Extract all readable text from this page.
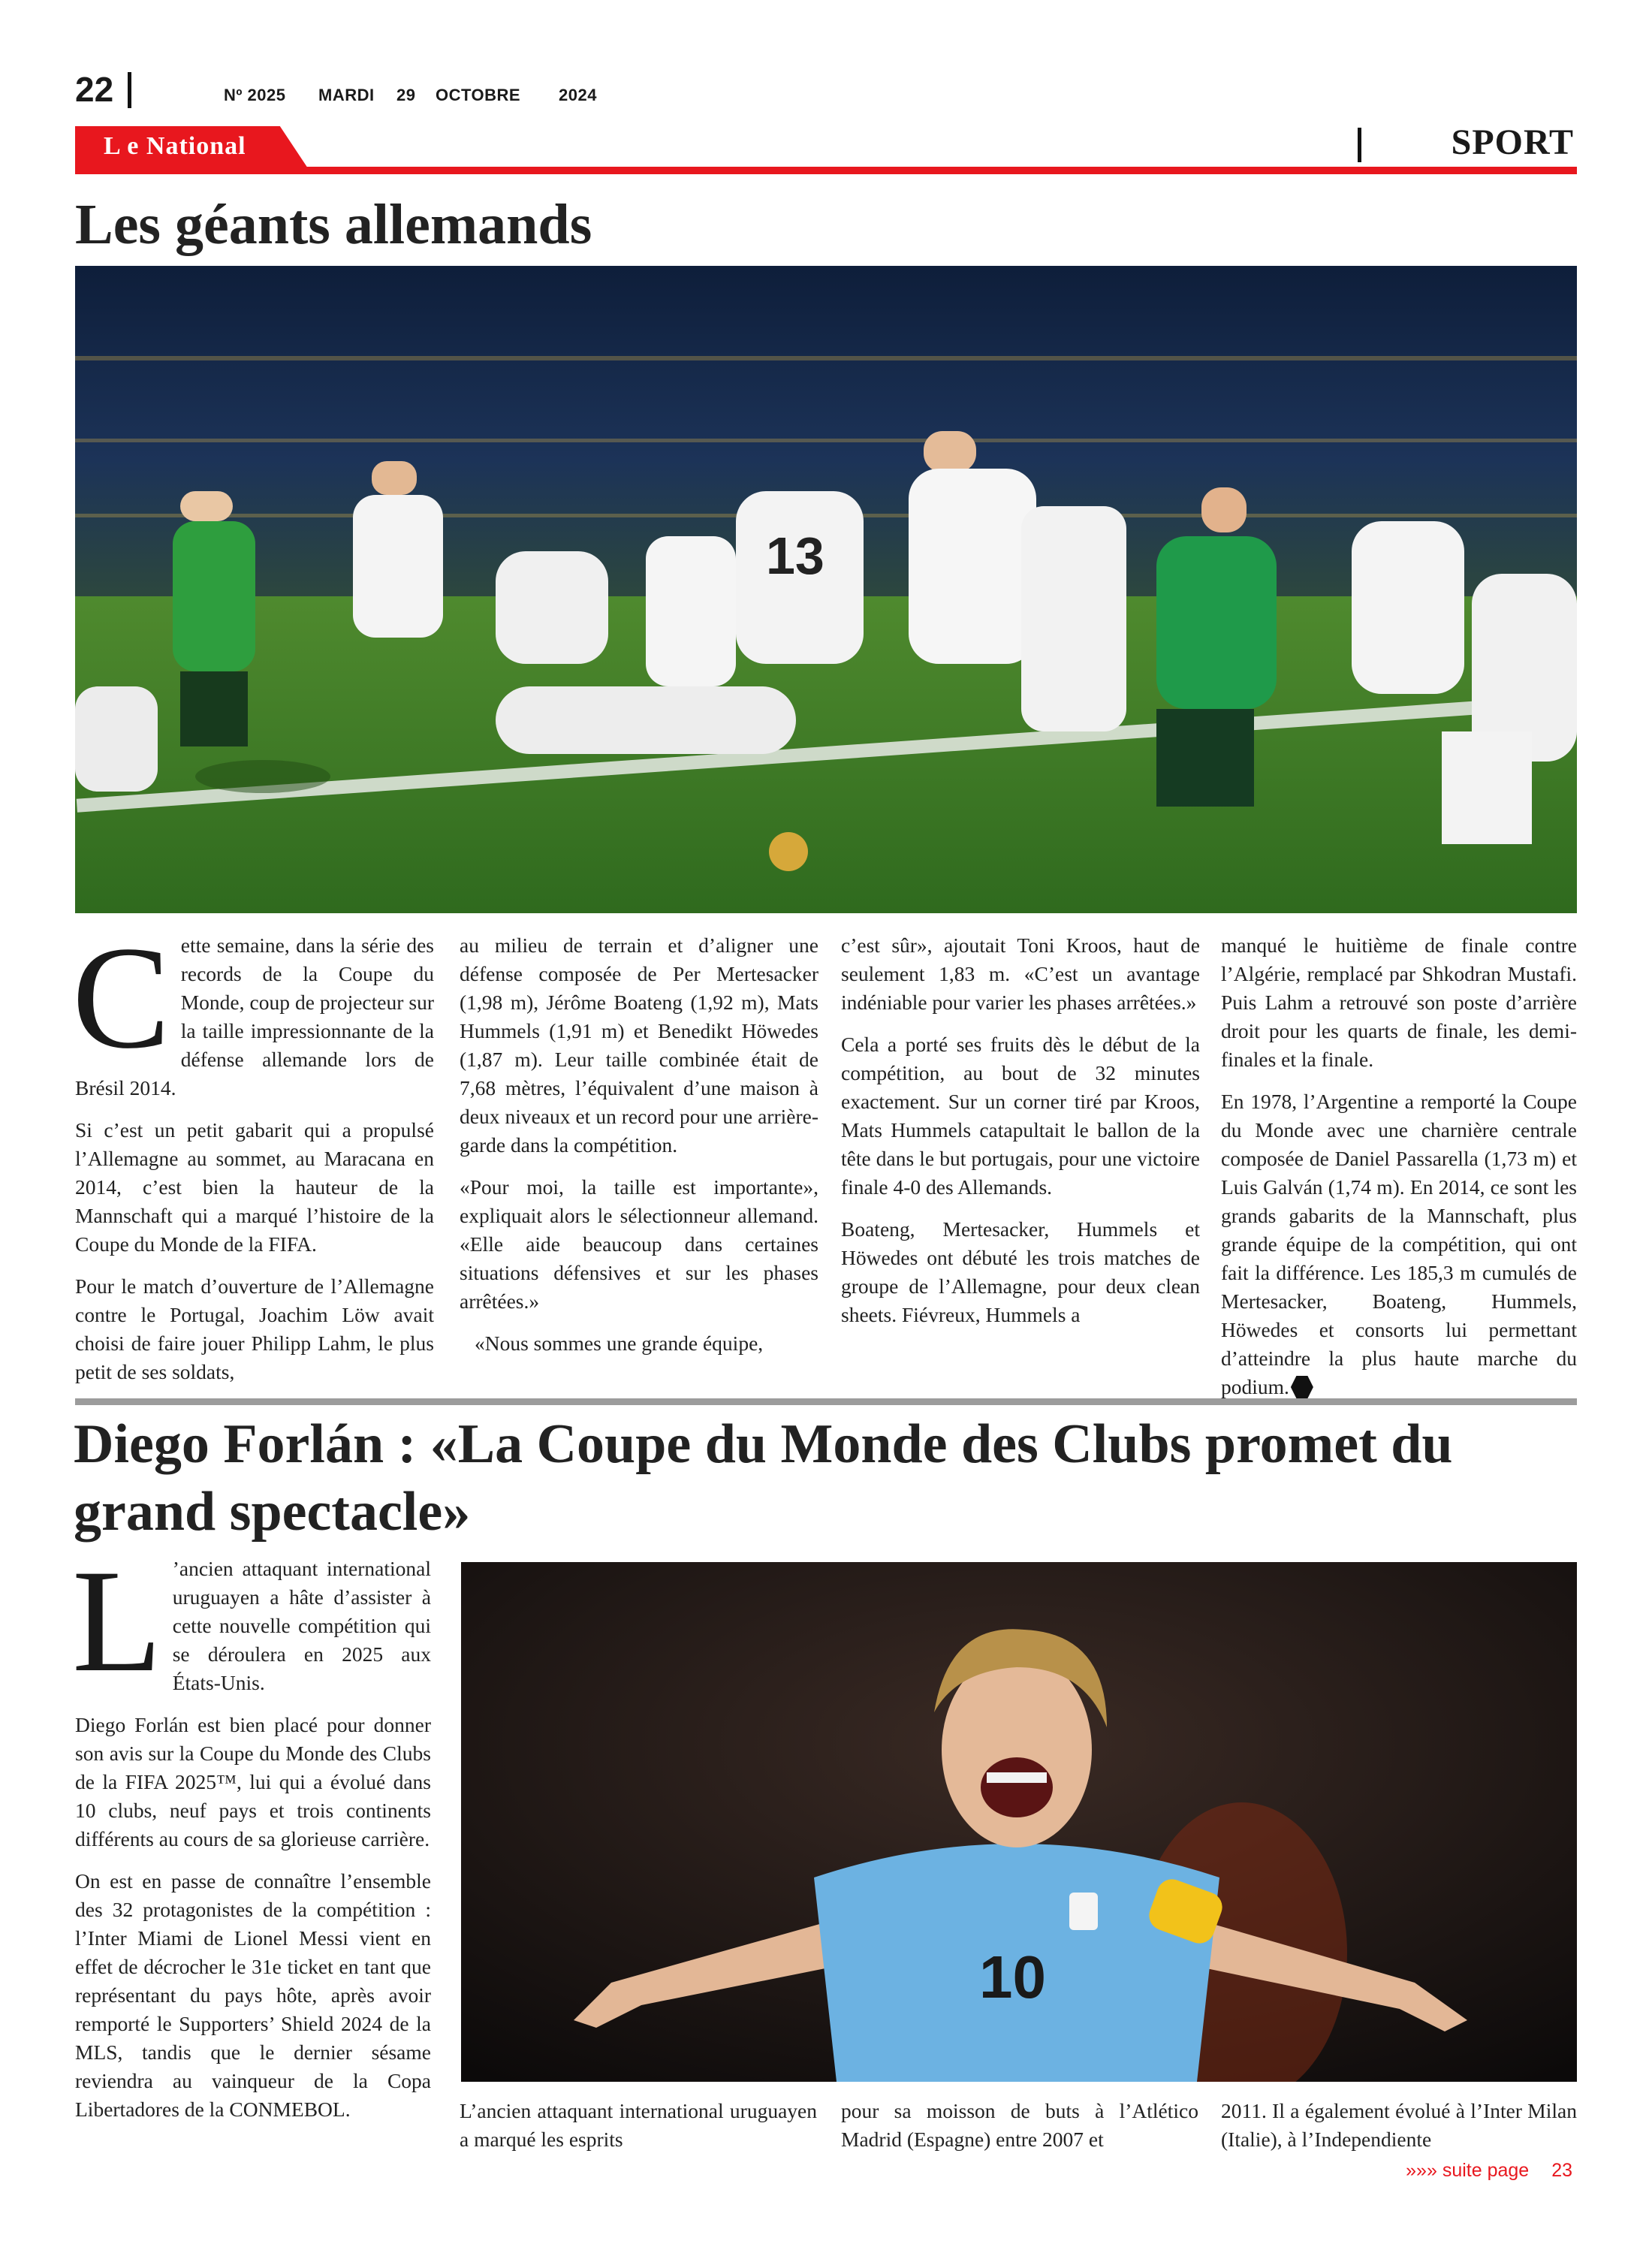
22	Nº 2025 MARDI 29 OCTOBRE 2024
L e National	SPORT
Les géants allemands
13
C ette semaine, dans la série des records de la Coupe du Monde, coup de projecteur sur la taille impressionnante de la défense allemande lors de Brésil 2014.

Si c’est un petit gabarit qui a propulsé l’Allemagne au sommet, au Maracana en 2014, c’est bien la hauteur de la Mannschaft qui a marqué l’histoire de la Coupe du Monde de la FIFA.

Pour le match d’ouverture de l’Allemagne contre le Portugal, Joachim Löw avait choisi de faire jouer Philipp Lahm, le plus petit de ses soldats,

au milieu de terrain et d’aligner une défense composée de Per Mertesacker (1,98 m), Jérôme Boateng (1,92 m), Mats Hummels (1,91 m) et Benedikt Höwedes (1,87 m). Leur taille combinée était de 7,68 mètres, l’équivalent d’une maison à deux niveaux et un record pour une arrière-garde dans la compétition.

«Pour moi, la taille est importante», expliquait alors le sélectionneur allemand. «Elle aide beaucoup dans certaines situations défensives et sur les phases arrêtées.»

«Nous sommes une grande équipe,

c’est sûr», ajoutait Toni Kroos, haut de seulement 1,83 m. «C’est un avantage indéniable pour varier les phases arrêtées.»

Cela a porté ses fruits dès le début de la compétition, au bout de 32 minutes exactement. Sur un corner tiré par Kroos, Mats Hummels catapultait le ballon de la tête dans le but portugais, pour une victoire finale 4-0 des Allemands.

Boateng, Mertesacker, Hummels et Höwedes ont débuté les trois matches de groupe de l’Allemagne, pour deux clean sheets. Fiévreux, Hummels a

manqué le huitième de finale contre l’Algérie, remplacé par Shkodran Mustafi. Puis Lahm a retrouvé son poste d’arrière droit pour les quarts de finale, les demi-finales et la finale.

En 1978, l’Argentine a remporté la Coupe du Monde avec une charnière centrale composée de Daniel Passarella (1,73 m) et Luis Galván (1,74 m). En 2014, ce sont les grands gabarits de la Mannschaft, plus grande équipe de la compétition, qui ont fait la différence. Les 185,3 m cumulés de Mertesacker, Boateng, Hummels, Höwedes et consorts lui permettant d’atteindre la plus haute marche du podium.

Diego Forlán : «La Coupe du Monde des Clubs promet du grand spectacle»
L ’ancien attaquant international uruguayen a hâte d’assister à cette nouvelle compétition qui se déroulera en 2025 aux États-Unis.

Diego Forlán est bien placé pour donner son avis sur la Coupe du Monde des Clubs de la FIFA 2025™, lui qui a évolué dans 10 clubs, neuf pays et trois continents différents au cours de sa glorieuse carrière.

On est en passe de connaître l’ensemble des 32 protagonistes de la compétition : l’Inter Miami de Lionel Messi vient en effet de décrocher le 31e ticket en tant que représentant du pays hôte, après avoir remporté le Supporters’ Shield 2024 de la MLS, tandis que le dernier sésame reviendra au vainqueur de la Copa Libertadores de la CONMEBOL.

10

L’ancien attaquant international uruguayen a marqué les esprits

pour sa moisson de buts à l’Atlético Madrid (Espagne) entre 2007 et

2011. Il a également évolué à l’Inter Milan (Italie), à l’Independiente

»»» suite page 23
